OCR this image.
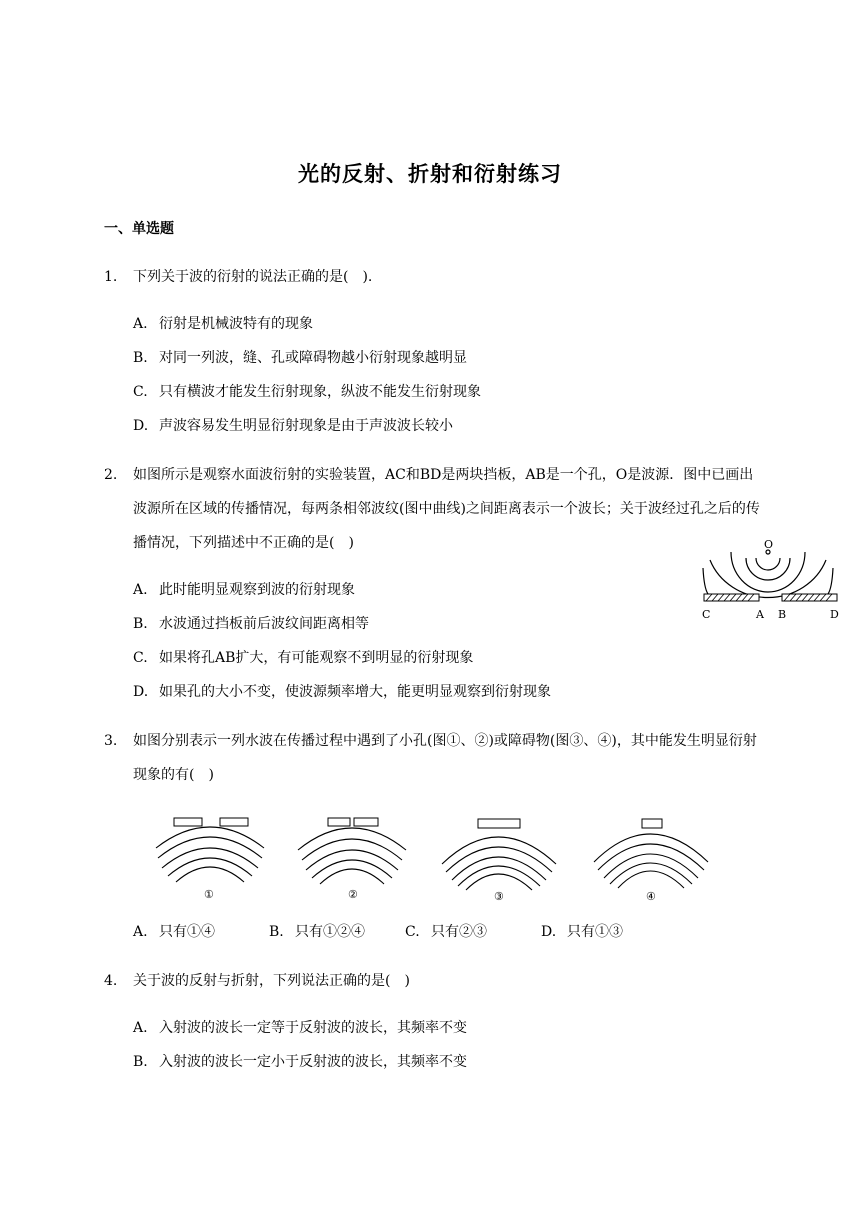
光的反射、折射和衍射练习
一、单选题
1. 下列关于波的衍射的说法正确的是(　).
A. 衍射是机械波特有的现象
B. 对同一列波，缝、孔或障碍物越小衍射现象越明显
C. 只有横波才能发生衍射现象，纵波不能发生衍射现象
D. 声波容易发生明显衍射现象是由于声波波长较小
2. 如图所示是观察水面波衍射的实验装置，AC和BD是两块挡板，AB是一个孔，O是波源．图中已画出波源所在区域的传播情况，每两条相邻波纹(图中曲线)之间距离表示一个波长；关于波经过孔之后的传播情况，下列描述中不正确的是(　)
A. 此时能明显观察到波的衍射现象
B. 水波通过挡板前后波纹间距离相等
C. 如果将孔AB扩大，有可能观察不到明显的衍射现象
D. 如果孔的大小不变，使波源频率增大，能更明显观察到衍射现象
O
C	A B	D
3. 如图分别表示一列水波在传播过程中遇到了小孔(图①、②)或障碍物(图③、④)，其中能发生明显衍射现象的有(　)
①	②	③	④
A. 只有①④	B. 只有①②④	C. 只有②③	D. 只有①③
4. 关于波的反射与折射，下列说法正确的是(　)
A. 入射波的波长一定等于反射波的波长，其频率不变
B. 入射波的波长一定小于反射波的波长，其频率不变
